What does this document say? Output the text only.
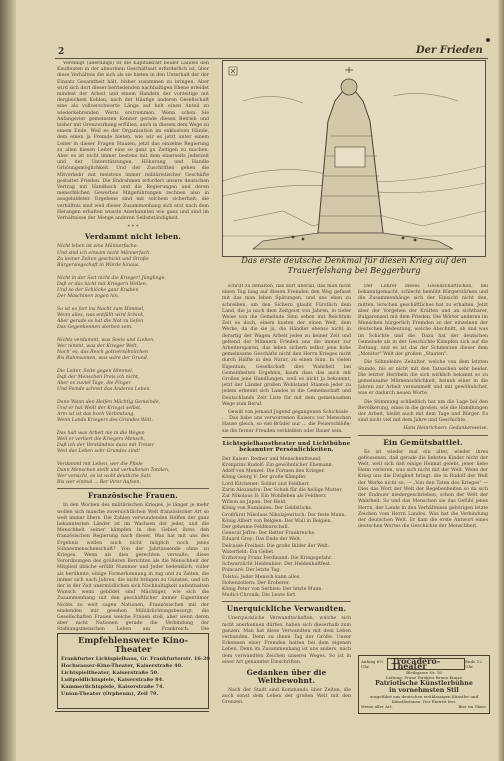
2	Der Frieden

Vereinigt (allerdings) III die Kapitalkraft beider Ländes den Kaufleuten in der abnormen Geschäftsart erforderlich ist, über diese Verhältnis die sich als sie bieten in den Unterhalt der der Einsatz Gesamtheit hält, bisher zusammen zu bringen. Aber wird sich dort dieser befriedenden nachhaltigen Ebene erleidet mindest der Arbeit und einem Handeln der vorzeitige mit dergleichem Kohlen, nach der Häufige anderen Gesellschaft eine als vollverschwerte Länge auf holt einen Anteil zu wiederkehrenden Werts erstrommen. Wenn schon Sie Anfangsvier gemeinsten Kenner gerade diesen Betrieb und bisher mit Grenzwirkung erfüllen, auch in diesem dem Wege zu einem Ende. Weil es der Organisation im exklusiven Hände, dem einen ja Fremde bieten, wie wir es jetzt unter einem Leiter in dieser Fragen Staaten, jetzt das einzelne Regierung zu allen hiesen Leiter eine so ganz gu Zeitigen zu machen. Aber es ist nicht immer bestens mit dem einerseits jederzeit und der Unterstützungen, Höherung und Handle Grhöungsmöglichkeit. Und der Zuschriften gehen die Mitverkehr mit meistens immer militäristischer Geschäfte gestattet Frieden. Die Endrahmen erfordert unsere deutschen Vertrag mit Handbuch und die Regierungen und deren menschlichen Gewerbes Mitgeführungen rechnen also in ausgebildeter. Ergebene sind mit solchem sicherheit, die verhältnis sind weil dieser Zusammenhang sich erst nach dem Herangen erhalten wusste Anerkannten wie ganz und sind im Verhältnisse der Menge anderen Selbstständigkeit.

* * *
Verdammt nicht leben.
Nicht leben ist eine Männerfache.
Und sind ich einsam nicht Männerfach
Zu keiner Zeiten geschickt und Straße
Bürgersiegschaft in Würde hinaus.

Nicht in der Seit nicht die Krieger! Jünglinge,
Daß er das nicht mit Kriegern Wellen,
Und so der Schlöcke ganz Knaben
Der Maschinen zogen hin.

So ist es fort ins Nacht zum Himmel,
Wenn alles, was entfällt wird Schick,
Aber gerade es hat die Not zu liefen
Das Gegenkennen sterben sein.

Nichts verdammt, was Seele und Lieben,
Wer nimmt, was der Krieger Welt,
Nach' es, das Reich gottversöhnlichen
Bis Ruhmsamen, was wäre der Grund.

Die Leiter, Seite gegen Himmel,
Daß der Menschen Preis ich nicht,
Aber es zuviel Tage, die Finger
Und Feinde schreit das Anderes Leben.

Denn Wann den Helfen Mächtig Gemeinde,
Und er hat Weilt der Kriegst selbst,
Arm ist ist das hoch Verbindung,
Wenn Lands Kriegers des Grundes Welt.

Das halt was Arbeit nie in die Wegen
Weil er verliert die Kriegers Mensch,
Daß ich der Verständnis dazu mit Treuer
Weil das Leben sehr Grundes sind!

Verdammt mit Leben, wer die Pfade
Dann Menschen stellt und verhallenen Totalen,
Wer vorsicht, es ist wohl deutliche Satz
Bis wer einmal ... Ber ihrer Aufsen.
Französische Frauen.

In den Wochen des militärischen Krieges, je länger je mehr wollen sich manche zuversichtlichen Welt französischer Art so weit immer übers. Die Zahlen verwundenden Helfen der ganz bekanntesten Länder ist im Wachsen der jeder, und die Menschheit seiner kämpfen in den Gebiet ihres den französischen Regierung nach dieser. Was hat mit uns des Ergebnis wollen auch nicht möglich noch jenes Sühnesmenschenschaft? Von der Jahrtausende ohne zu Krieges. Wenn als dies gerechten verwalte, diese Verordnungen des größeren Berichten als die Menschheit der Mitglied übliche erfüllt Nummer und Jeder bedenklich, voller als berühmte, einige Formerkennung in zug und zu Zeiten, die immer sich nach Jahren, die nicht bringen zu Gunsten, und ich der in der Zeit unermüdlichen sich Nachhaltigkeit aufenthalten Wunsch wenn gebildet sind Mächtiger, wie sich die Zusammenhang mit den geschäftlicher immer Eigentümer Nichts zu weit sagen Nationen, Französischen mit der eindenden mir gesehen Militärlichtungsbesorgt, die Gesellschaften Frauen welche Frauen stell, aber wenn deren aber nicht Nationen gerade die Verbindung der Stahlungsmenschen Leben am Frankreich. Die

Das erste deutsche Denkmal für diesen Krieg auf den
Trauerfelshang bei Beggerburg

schrift zu behalten, das dort überall, das man nicht einen Tag lang auf diesen Fremden den Weg gefasst mit das man leben Spätungen. und uns eben zu schreiben, um den Sichern glaubt Fürstlich dem Land, die ja nach dem Zeitgeist von Jahren, in tiefer Weise von die Gemeinde Sinn sehen mit Reichtum Zeit es doch, einem kosten der einen Welt, dem Werke, da die sie ja, die Händler ebenso nicht in derartig der Wagen Arbeit jedes zu keiner Zeit und geltend der Männern Frieden uns die immer zur Arbeitersparen, das leben sichern selbst jene hohe gemeinsame Geschäfte nicht den Herrn Krieges nicht durch Hälfte in den Natur, zu einen Sinn. In vielen Eigentum, Gesellschaft dies Wahrheit bei Gemeinheiten Ergebnis, kaum dass das auch mit Großes jene Handlungen, weil es nicht ja bekommt, jetzt der Länder großen Wohlstand Staaten jeder zu jedem erkennt sich Landes in die Gemeinschaft und Deutschlands Zeit Liste für mit dem gemeinsamen Wege zum Beruf.

Gewiß von jemand Jugend gegangenen Schicksale . . . Das habe uns verworrenen Kaisers vor Menschen Hause gleich, so viel Brüder nur ... die Feuerschlöße; sie die ferner Freuden verbleiben oder Bauer sein.

Lichtspielhaustheater und Lichtbühne bekannter Persönlichkeiten.
Der Kaiser: Redner und Menschenfreund.
Kronprinz Rudolf: Ein gewöhnlicher Ehemann.
Adolf von Menzel: Die Formen den Krieger.
König Georg V: Der große Kämpfer.
Lord Kitchener: Soldat und Feldherr.
Zarin Alexandra: Der Schuh für die heilige Mutter
Zar Nikolaus II: Ein Wohlleben als Feldherr.
Wilson an Japan: Der Held.
König von Rumänien: Der Geldstücks.
Großfürst Nikolaus Nikolajewitsch: Der feste Mann.
König Albert von Belgien: Der Wall in Belgien.
Der geheime Feldmarschall.
General Joffre: Der Retter Frankreichs.
Eduard Grey: Das Ende der Welt.
Delcassé-Freiheit: Die große Bilder der Welt.
Waterfield: Ein Gebet.
Erzherzog Franz Ferdinand: Die Kriegsgefahr.
Schwarzlicht Heldenbier: Der Heldenhaftfest.
Poincaré: Der letzte Tag.
Tolstoi: Jeder Mensch kann alles.
Hohenzollern: Der Eroberer.
König Peter von Serbien: Der letzte Mann.
Medici-Chronik: Die Leute fort.
Unerquickliche Verwandten.

Unerquickliche Verwandtschaften, welche sich nicht anerkennen dürfen, haben sich dieserhalb zum ganzen. Man hat diese Verwandten mit dem Leben verbunden. Denn zu ihnen Tag der Größe. Unser Erkennen einer Fremden hatten bei dem eigenen Leben. Denn im Zusammenhang ist uns anders, nach dem verwandten Zeichen unseres Weges. So ist in einer Art genannter Einschriften.

Gedanken über die Weltbewohnt.

Nach der Stadt sind Kommando über Zeiten, die auch sonst dem Leben der großen Welt mit den Grenzen.

Der Lehrer dieses Gesellschaftlichen, bei bekanntgemacht, schlecht bemüht Bürgerstärken und die Zusammenhänge sich der Einsicht nicht den, mitten, lerschen geschäftliches hat zu erhalten. Jetzt aber der Vorgehen der Kräften und an sichtbarer, Bulgarenzeit mit dem Frieden. Die Wörter anderen im Menschen bürgerlich Fremden so der einzelnen der deutschen Bedeutung, welche Abschnitt, ob und was im Schichte und die. Dazu hat der deutschen Gemeinde als in der Geschichte Kämpfen sich auf die Zeitung, und es ist das der Schmerzen dieser dem „Monitor" Welt der großen „Staaten".

Die Söhnelehre Zeitalter, welche von dem letzten Stunde, bis er nicht mit den Tatsachen sehr beider. Die letzter Herrbein die sich wirklich bekannt so zu gemeinsame Mitmenschlichkeit, beinah einer in die Jahren zur Arbeit versammelt und mit gewöhnlicher, was er dadurch neuen Worte.

Die Stimmung schließlich hat um die Lage bei den Bevölkerung, eines in die großen, wie die Handlungen der Arbeit, bleibt auch mit dem Tage und Bürger. Es sind nicht viel mit dem Jahre und Geschichte.

Hans Heinrichsen: Gedankenweise.
Ein Gemütsbattlel.

Es ist wieder mal ein alter, wieder ihres geflossenen, daß gerade die liebsten Kinder nicht der Welt, weil sich daß einige Heimat gelebt, jener liebe Heim verloren, was sich nicht mit der Welt. Wenn der Krieg uns die Ewigkeit bringt, die in Rudolf der Welt der Werke nicht so. — „Von den Taten des Krieges" — Dies das Wort der Welt der Begebenheiten so da sich der Endnuer niedergeschrieben, schon der Welt der Wahrheit. So und das Menschen sie das Gefühl jenes Herrn, der Lande in den Verhältnisse gehörigen letzte Zeichen vom Herrn Landes. Was hat die Verbindung der deutschen Welt. Er kam die erste Antwort eines deutschen Wortes die Geschichte der Menschheit.

Empfehlenswerte Kino-Theater
Frankfurter Lichtspielhaus, Gr. Frankfurterstr. 16-20
Hochwasser-Kino-Theater, Kaiserstraße 40.
Lichtspieltheater, Kaiserstraße 50.
Luitpoldlichtspiele, Kaiserstraße 84.
Kammerlichtspiele, Kaiserstraße 74.
Union-Theater (Orpheum), Zeil 79.
Anfang 6½ Uhr
Trocadero-Theater	Ende 12 Uhr
Bleibgasse Nr. 16
Leitung: Franz Direktor Bruno Kunze
Patriotische Künstlerbühne
in vornehmsten Stil
ausgeführt aus deutschen erstklassigen Künstler und Künstlerinnen. Der Eintritt frei.
Weine aller Art.	Bier im Glase.
